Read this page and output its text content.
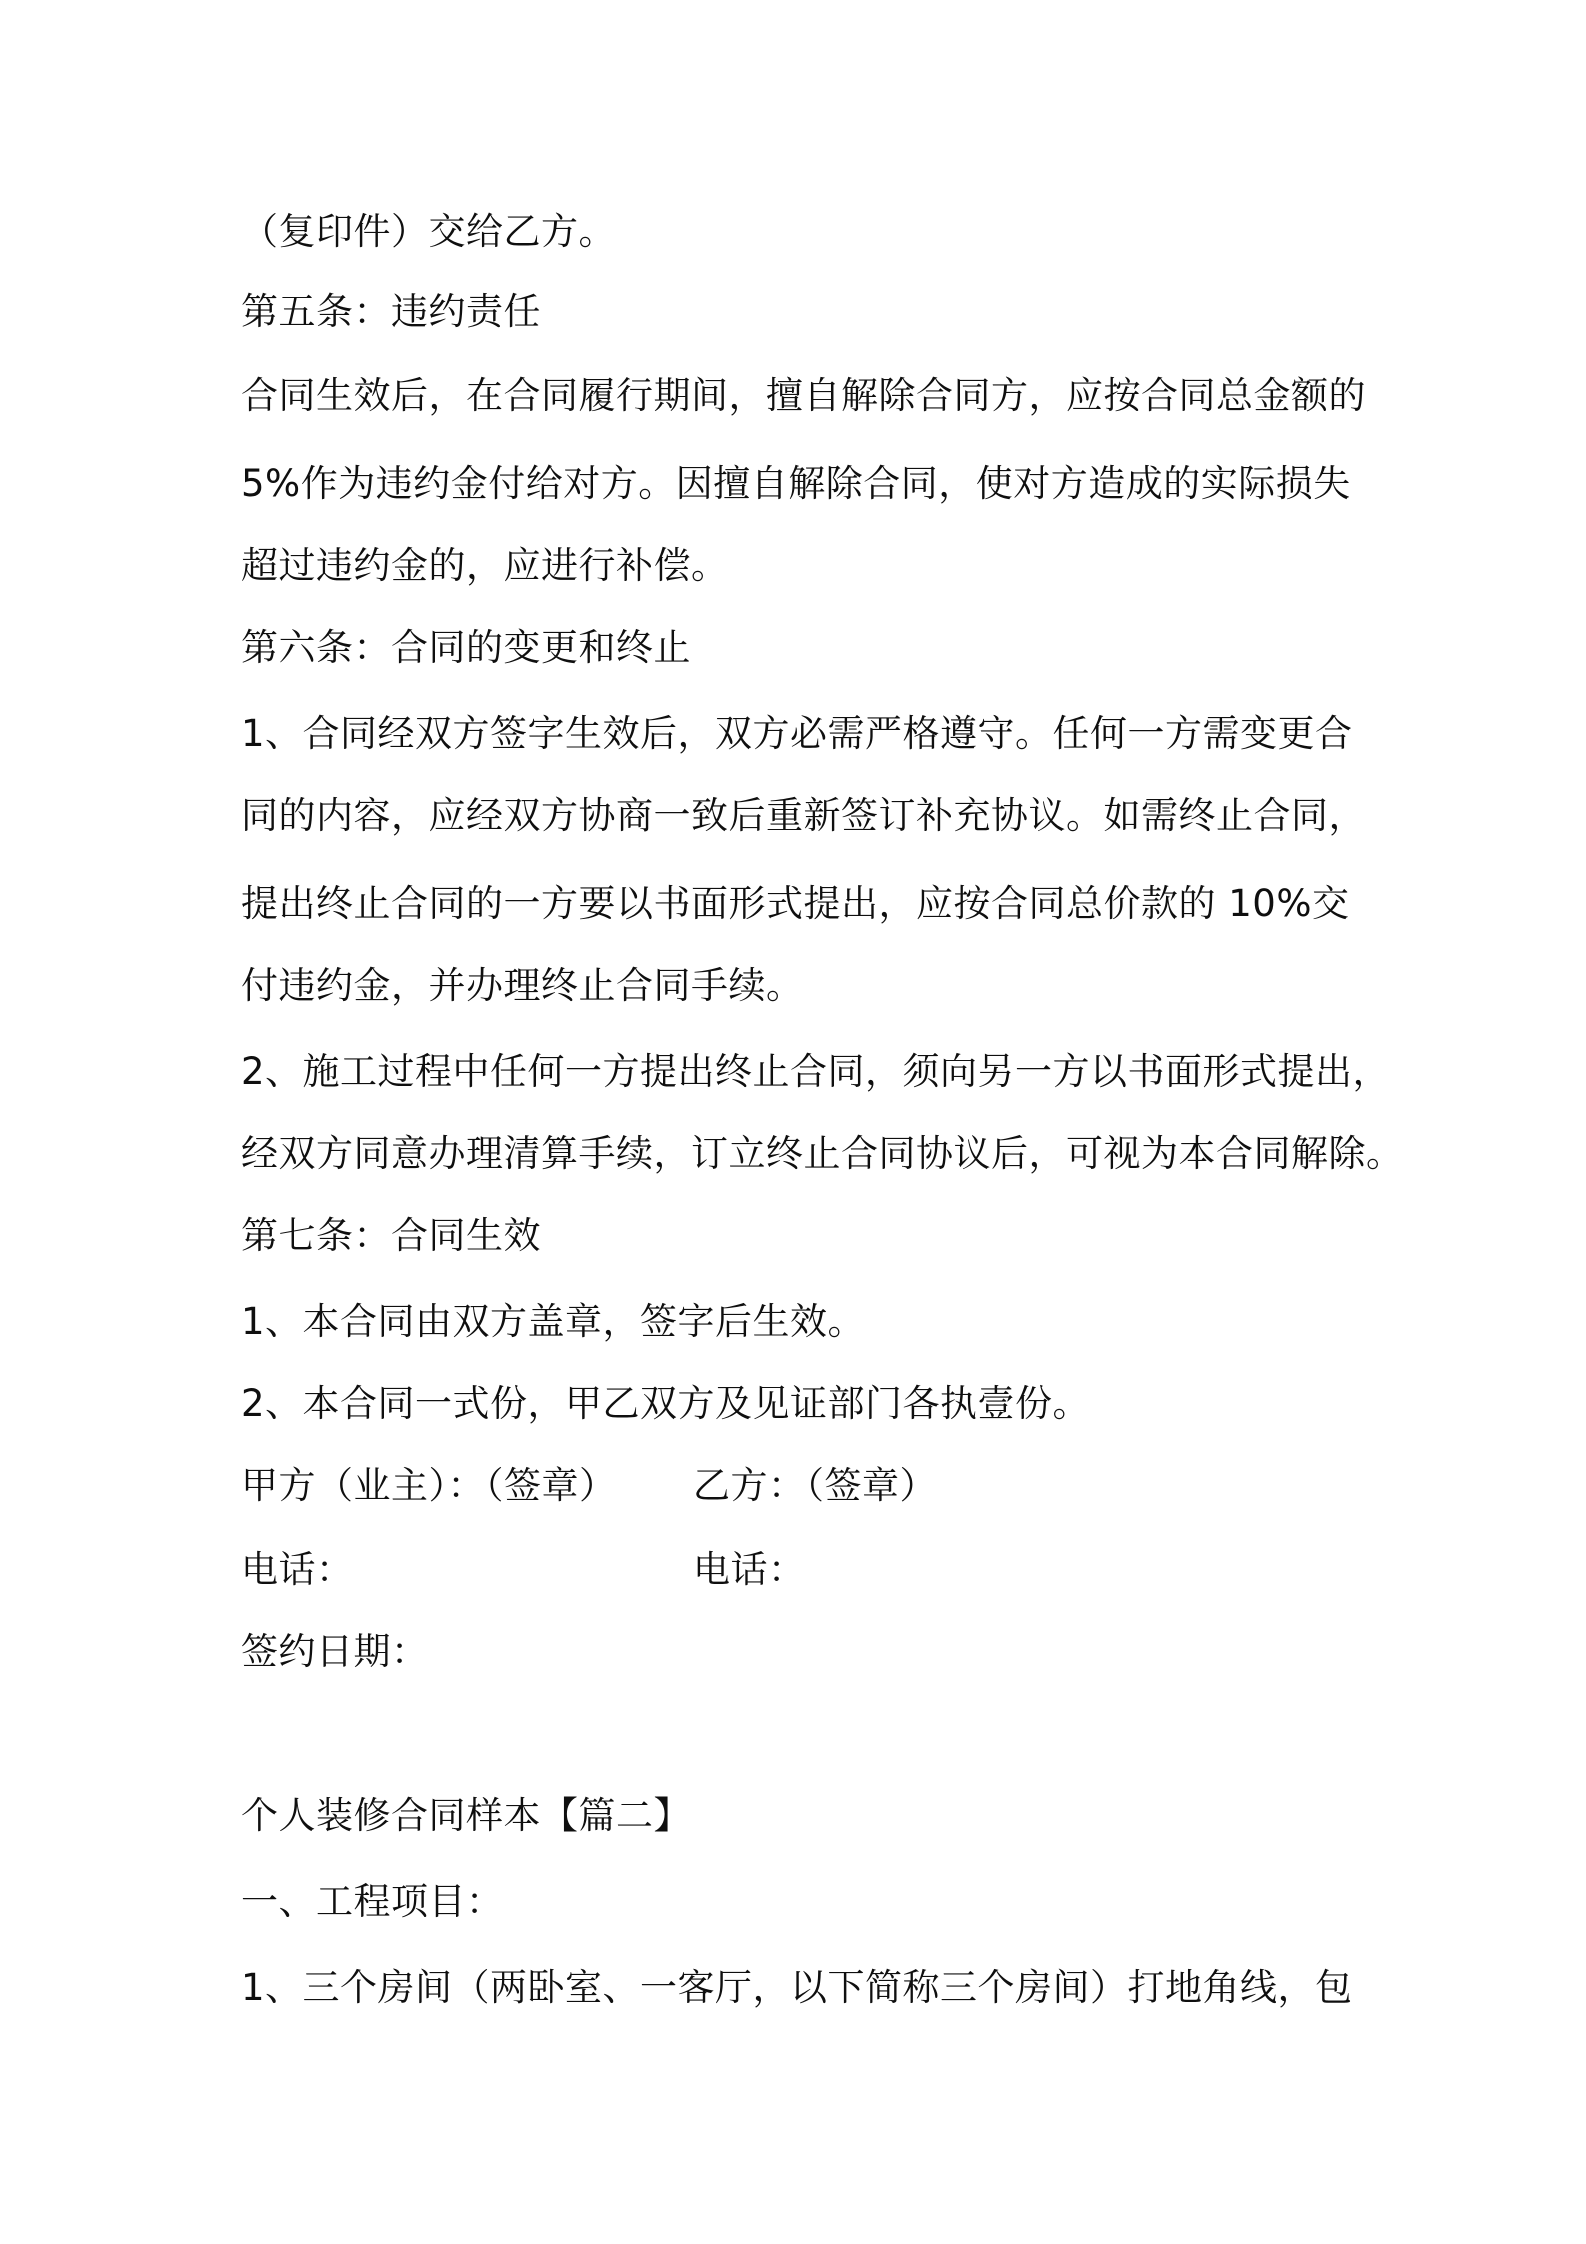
（复印件）交给乙方。
第五条：违约责任
合同生效后，在合同履行期间，擅自解除合同方，应按合同总金额的
5%作为违约金付给对方。因擅自解除合同，使对方造成的实际损失
超过违约金的，应进行补偿。
第六条：合同的变更和终止
1、合同经双方签字生效后，双方必需严格遵守。任何一方需变更合
同的内容，应经双方协商一致后重新签订补充协议。如需终止合同，
提出终止合同的一方要以书面形式提出，应按合同总价款的 10%交
付违约金，并办理终止合同手续。
2、施工过程中任何一方提出终止合同，须向另一方以书面形式提出，
经双方同意办理清算手续，订立终止合同协议后，可视为本合同解除。
第七条：合同生效
1、本合同由双方盖章，签字后生效。
2、本合同一式份，甲乙双方及见证部门各执壹份。
甲方（业主）：（签章） 乙方：（签章）
电话：	电话：
签约日期：
个人装修合同样本【篇二】
一、工程项目：
1、三个房间（两卧室、一客厅，以下简称三个房间）打地角线，包
